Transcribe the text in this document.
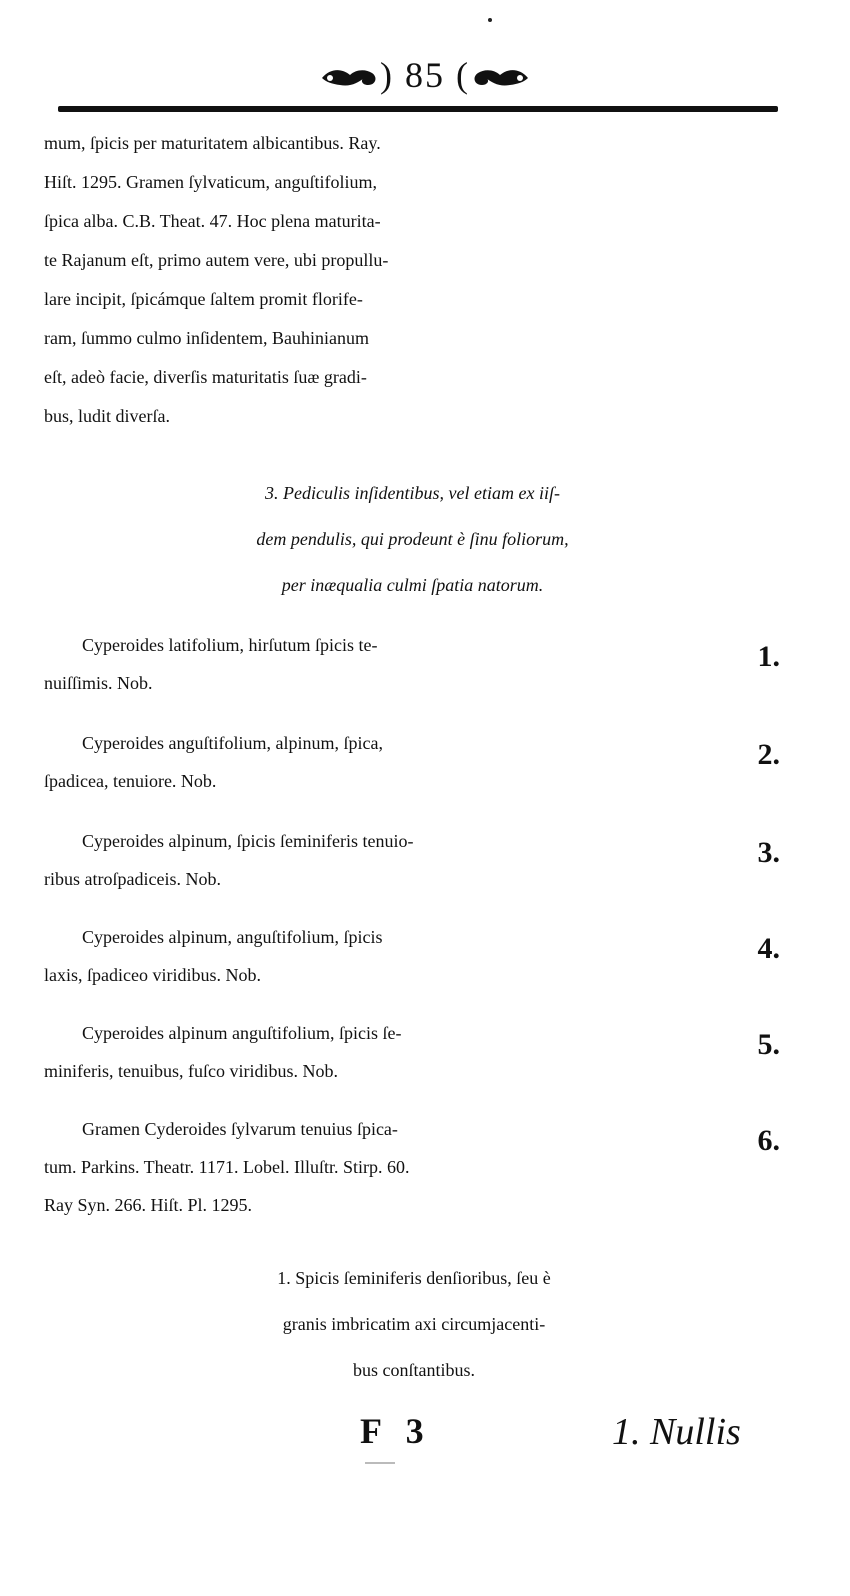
) 85 (

mum, ſpicis per maturitatem albicantibus. Ray.
Hiſt. 1295. Gramen ſylvaticum, anguſtifolium,
ſpica alba. C.B. Theat. 47. Hoc plena maturita-
te Rajanum eſt, primo autem vere, ubi propullu-
lare incipit, ſpicámque ſaltem promit florife-
ram, ſummo culmo inſidentem, Bauhinianum
eſt, adeò facie, diverſis maturitatis ſuæ gradi-
bus, ludit diverſa.

3. Pediculis inſidentibus, vel etiam ex iiſ-
dem pendulis, qui prodeunt è ſinu foliorum,
per inæqualia culmi ſpatia natorum.
Cyperoides latifolium, hirſutum ſpicis te-
nuiſſimis. Nob.
1.
Cyperoides anguſtifolium, alpinum, ſpica,
ſpadicea, tenuiore. Nob.
2.
Cyperoides alpinum, ſpicis ſeminiferis tenuio-
ribus atroſpadiceis. Nob.
3.
Cyperoides alpinum, anguſtifolium, ſpicis
laxis, ſpadiceo viridibus. Nob.
4.
Cyperoides alpinum anguſtifolium, ſpicis ſe-
miniferis, tenuibus, fuſco viridibus. Nob.
5.
Gramen Cyderoides ſylvarum tenuius ſpica-
tum. Parkins. Theatr. 1171. Lobel. Illuſtr. Stirp. 60.
Ray Syn. 266. Hiſt. Pl. 1295.
6.
1. Spicis ſeminiferis denſioribus, ſeu è
granis imbricatim axi circumjacenti-
bus conſtantibus.
F 3	1. Nullis
